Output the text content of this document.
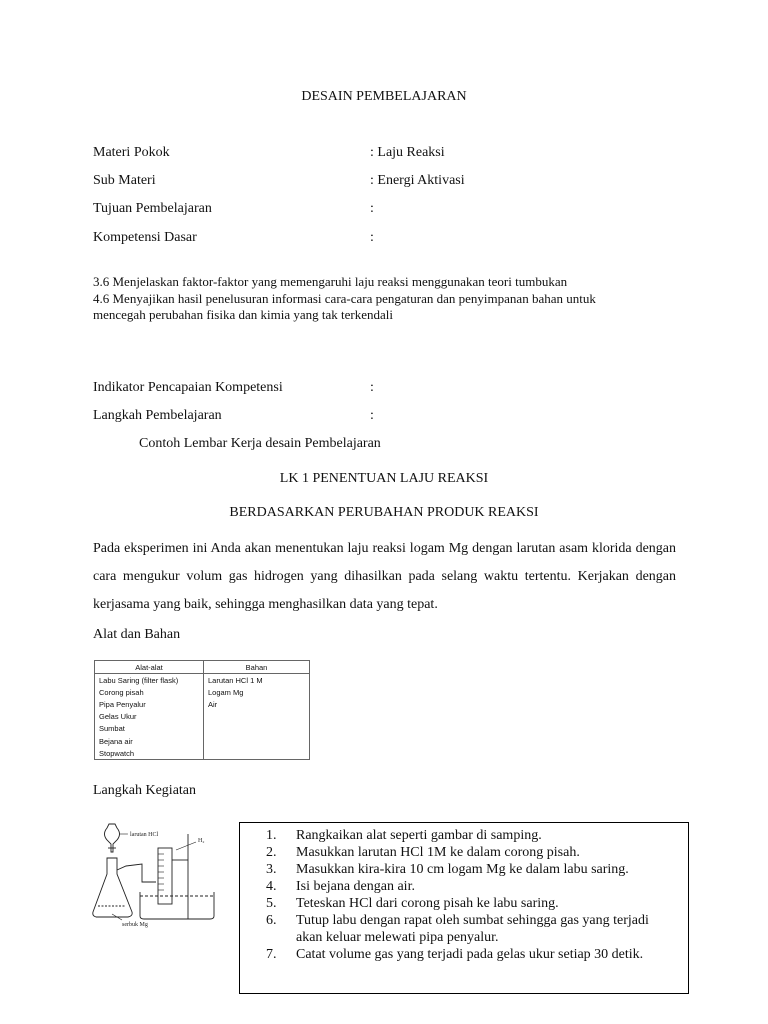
DESAIN PEMBELAJARAN
Materi Pokok	: Laju Reaksi
Sub Materi	: Energi Aktivasi
Tujuan Pembelajaran	:
Kompetensi Dasar	:
3.6 Menjelaskan faktor-faktor yang memengaruhi laju reaksi menggunakan teori tumbukan
4.6 Menyajikan hasil penelusuran informasi cara-cara pengaturan dan penyimpanan bahan untuk
mencegah perubahan fisika dan kimia yang tak terkendali
Indikator Pencapaian Kompetensi	:
Langkah Pembelajaran	:
Contoh Lembar Kerja desain Pembelajaran
LK 1 PENENTUAN LAJU REAKSI
BERDASARKAN PERUBAHAN PRODUK REAKSI
Pada eksperimen ini Anda akan menentukan laju reaksi logam Mg dengan larutan asam klorida dengan cara mengukur volum gas hidrogen yang dihasilkan pada selang waktu tertentu. Kerjakan dengan kerjasama yang baik, sehingga menghasilkan data yang tepat.
Alat dan Bahan
Alat-alat	Bahan
Labu Saring (filter flask)	Larutan HCl 1 M
Corong pisah	Logam Mg
Pipa Penyalur	Air
Gelas Ukur	
Sumbat	
Bejana air	
Stopwatch	
Langkah Kegiatan
larutan HCl
H₂
serbuk Mg
1. Rangkaikan alat seperti gambar di samping.
2. Masukkan larutan HCl 1M ke dalam corong pisah.
3. Masukkan kira-kira 10 cm logam Mg ke dalam labu saring.
4. Isi bejana dengan air.
5. Teteskan HCl dari corong pisah ke labu saring.
6. Tutup labu dengan rapat oleh sumbat sehingga gas yang terjadi akan keluar melewati pipa penyalur.
7. Catat volume gas yang terjadi pada gelas ukur setiap 30 detik.
